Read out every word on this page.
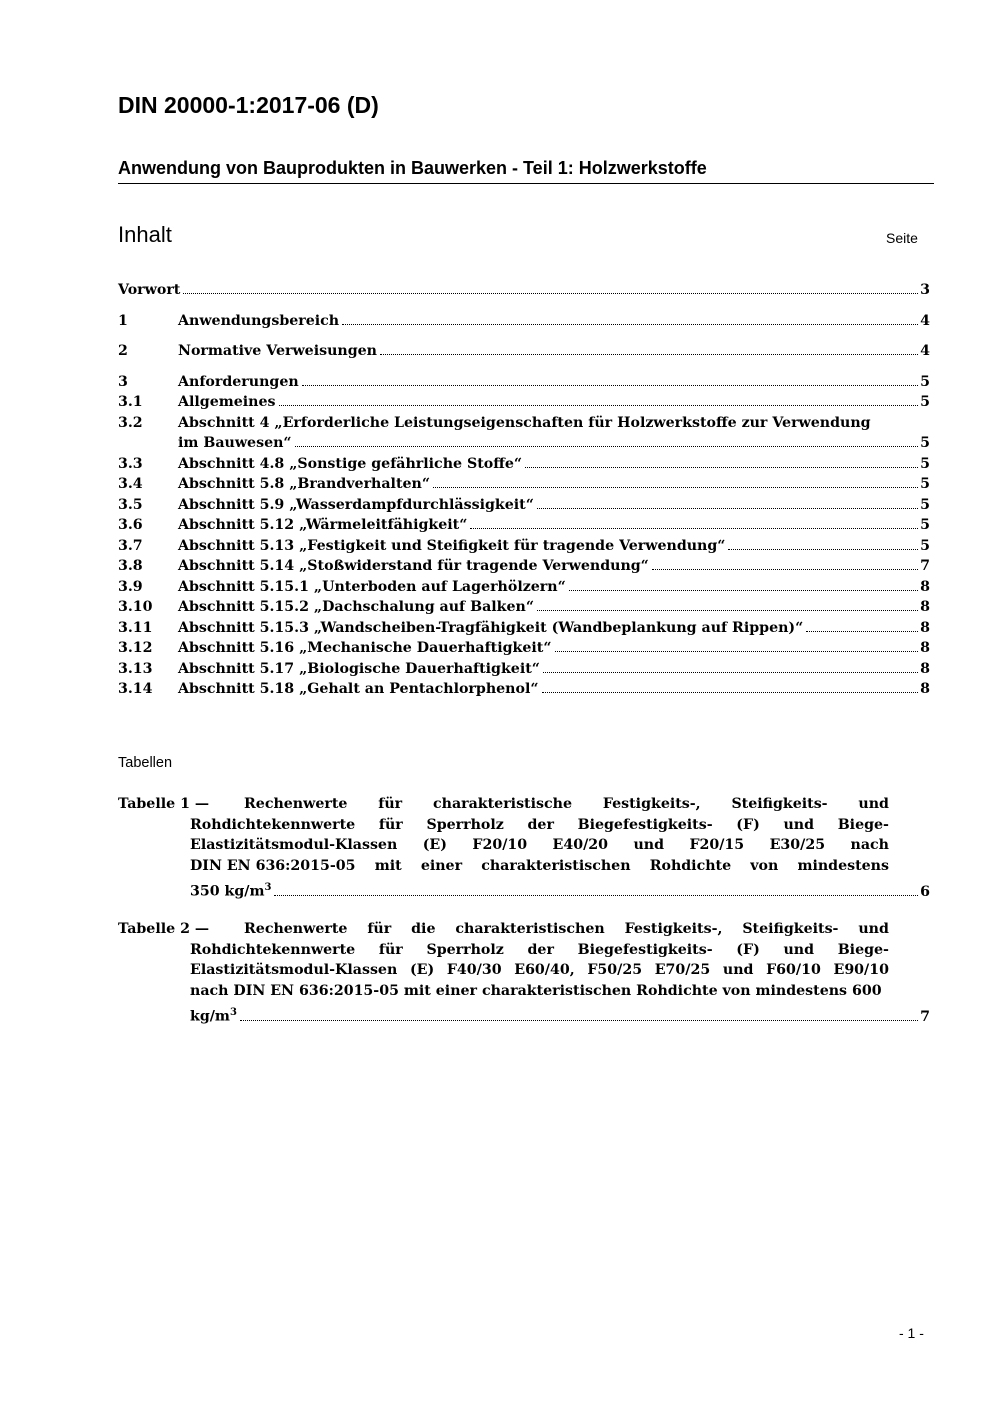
DIN 20000-1:2017-06 (D)
Anwendung von Bauprodukten in Bauwerken - Teil 1: Holzwerkstoffe
Inhalt	Seite
Vorwort	3
1	Anwendungsbereich	4
2	Normative Verweisungen	4
3	Anforderungen	5
3.1 Allgemeines	5
3.2 Abschnitt 4 „Erforderliche Leistungseigenschaften für Holzwerkstoffe zur Verwendung
im Bauwesen“	5
3.3 Abschnitt 4.8 „Sonstige gefährliche Stoffe“	5
3.4 Abschnitt 5.8 „Brandverhalten“	5
3.5 Abschnitt 5.9 „Wasserdampfdurchlässigkeit“	5
3.6 Abschnitt 5.12 „Wärmeleitfähigkeit“	5
3.7 Abschnitt 5.13 „Festigkeit und Steifigkeit für tragende Verwendung“	5
3.8 Abschnitt 5.14 „Stoßwiderstand für tragende Verwendung“	7
3.9 Abschnitt 5.15.1 „Unterboden auf Lagerhölzern“	8
3.10 Abschnitt 5.15.2 „Dachschalung auf Balken“	8
3.11 Abschnitt 5.15.3 „Wandscheiben-Tragfähigkeit (Wandbeplankung auf Rippen)“	8
3.12 Abschnitt 5.16 „Mechanische Dauerhaftigkeit“	8
3.13 Abschnitt 5.17 „Biologische Dauerhaftigkeit“	8
3.14 Abschnitt 5.18 „Gehalt an Pentachlorphenol“	8
Tabellen
Tabelle 1 — Rechenwerte für charakteristische Festigkeits-, Steifigkeits- und
Rohdichtekennwerte für Sperrholz der Biegefestigkeits- (F) und Biege-
Elastizitätsmodul-Klassen (E) F20/10 E40/20 und F20/15 E30/25 nach
DIN EN 636:2015-05 mit einer charakteristischen Rohdichte von mindestens
350 $kg/m^3$	6
Tabelle 2 — Rechenwerte für die charakteristischen Festigkeits-, Steifigkeits- und
Rohdichtekennwerte für Sperrholz der Biegefestigkeits- (F) und Biege-
Elastizitätsmodul-Klassen (E) F40/30 E60/40, F50/25 E70/25 und F60/10 E90/10
nach DIN EN 636:2015-05 mit einer charakteristischen Rohdichte von mindestens 600
$kg/m^3$	7
- 1 -
